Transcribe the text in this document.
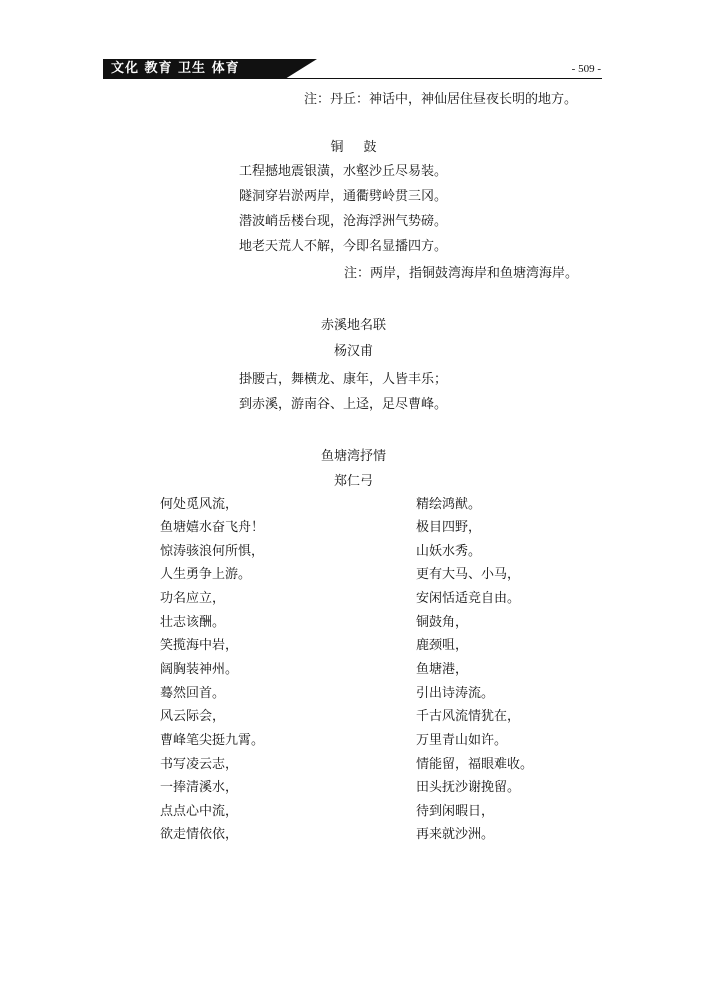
文化 教育 卫生 体育	- 509 -
注：丹丘：神话中，神仙居住昼夜长明的地方。
铜鼓
工程撼地震银潢，水壑沙丘尽易装。
隧洞穿岩淤两岸，通衢劈岭贯三冈。
潜波峭岳楼台现，沧海浮洲气势磅。
地老天荒人不解，今即名显播四方。
注：两岸，指铜鼓湾海岸和鱼塘湾海岸。
赤溪地名联
杨汉甫
掛腰古，舞横龙、康年，人皆丰乐；
到赤溪，游南谷、上迳，足尽曹峰。
鱼塘湾抒情
郑仁弓
何处觅风流，
鱼塘嬉水奋飞舟！
惊涛骇浪何所惧，
人生勇争上游。
功名应立，
壮志该酬。
笑揽海中岩，
阔胸装神州。
蓦然回首。
风云际会，
曹峰笔尖挺九霄。
书写凌云志，
一捧清溪水，
点点心中流，
欲走情依依，
精绘鸿猷。
极目四野，
山妖水秀。
更有大马、小马，
安闲恬适竞自由。
铜鼓角，
鹿颈咀，
鱼塘港，
引出诗涛流。
千古风流情犹在，
万里青山如许。
情能留，福眼难收。
田头抚沙谢挽留。
待到闲暇日，
再来就沙洲。
